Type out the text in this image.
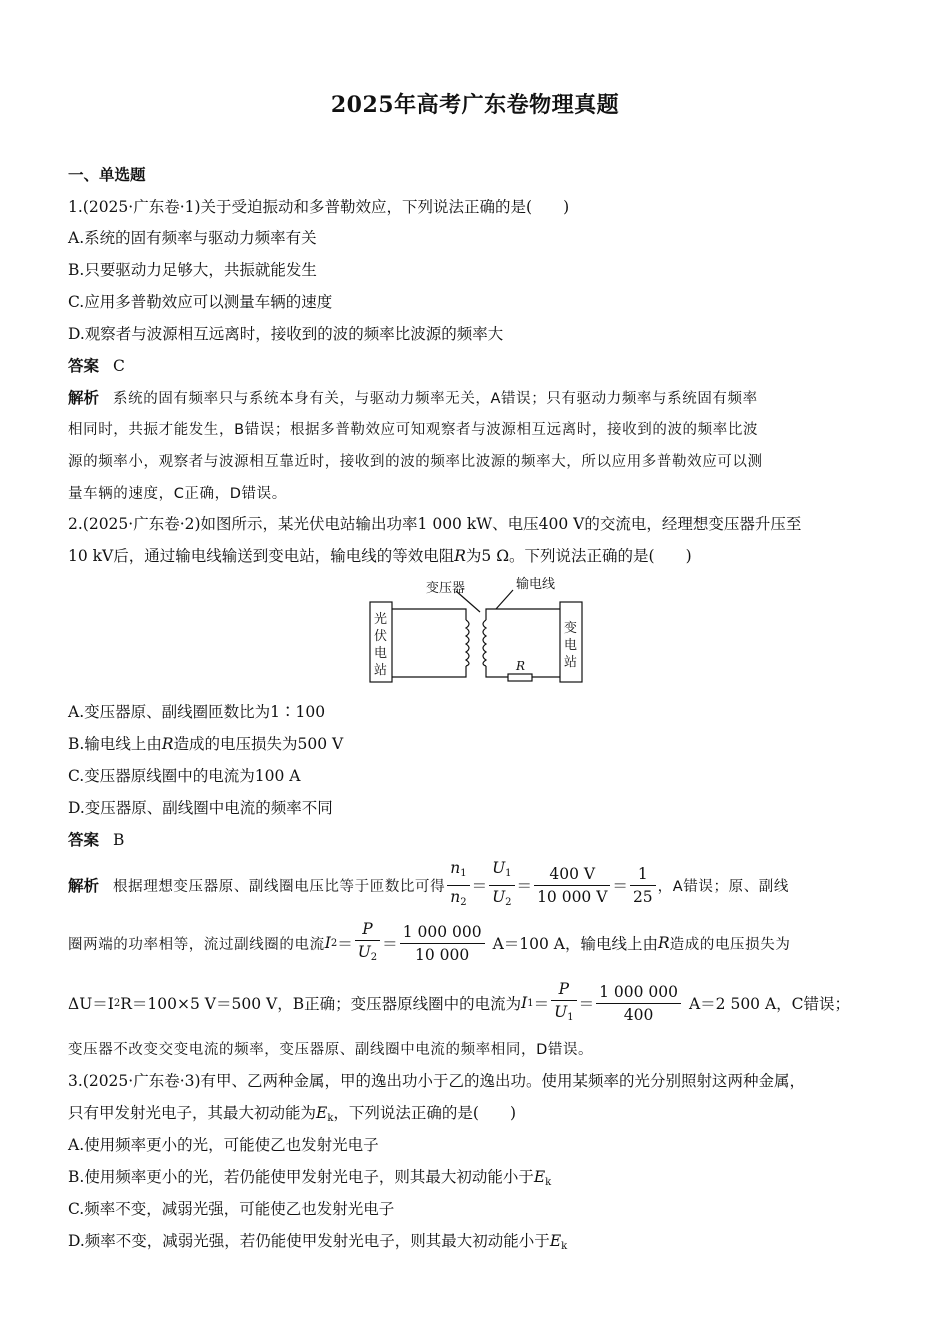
2025年高考广东卷物理真题
一、单选题
1.(2025·广东卷·1)关于受迫振动和多普勒效应，下列说法正确的是(　　)
A.系统的固有频率与驱动力频率有关
B.只要驱动力足够大，共振就能发生
C.应用多普勒效应可以测量车辆的速度
D.观察者与波源相互远离时，接收到的波的频率比波源的频率大
答案 C
解析 系统的固有频率只与系统本身有关，与驱动力频率无关，A错误；只有驱动力频率与系统固有频率
相同时，共振才能发生，B错误；根据多普勒效应可知观察者与波源相互远离时，接收到的波的频率比波
源的频率小，观察者与波源相互靠近时，接收到的波的频率比波源的频率大，所以应用多普勒效应可以测
量车辆的速度，C正确，D错误。
2.(2025·广东卷·2)如图所示，某光伏电站输出功率1 000 kW、电压400 V的交流电，经理想变压器升压至
10 kV后，通过输电线输送到变电站，输电线的等效电阻R为5 Ω。下列说法正确的是(　　)
变压器	输电线
光
伏
电
站
变
电
站
R
A.变压器原、副线圈匝数比为1∶100
B.输电线上由R造成的电压损失为500 V
C.变压器原线圈中的电流为100 A
D.变压器原、副线圈中电流的频率不同
答案 B
解析 根据理想变压器原、副线圈电压比等于匝数比可得 $\frac{n_1}{n_2} = \frac{U_1}{U_2} = \frac{400 V}{10 000 V} = \frac{1}{25}$ ，A错误；原、副线
圈两端的功率相等，流过副线圈的电流 I $2 = \frac{P}{U_2} = \frac{1 000 000}{10 000} A=100$ A，输电线上由 R 造成的电压损失为
ΔU＝I 2 R＝100×5 V＝500 V，B正确；变压器原线圈中的电流为 I $1 = \frac{P}{U_1} = \frac{1 000 000}{400} A=2$ 500 A，C错误；
变压器不改变交变电流的频率，变压器原、副线圈中电流的频率相同，D错误。
3.(2025·广东卷·3)有甲、乙两种金属，甲的逸出功小于乙的逸出功。使用某频率的光分别照射这两种金属，
只有甲发射光电子，其最大初动能为$E_k$，下列说法正确的是(　　)
A.使用频率更小的光，可能使乙也发射光电子
B.使用频率更小的光，若仍能使甲发射光电子，则其最大初动能小于$E_k$
C.频率不变，减弱光强，可能使乙也发射光电子
D.频率不变，减弱光强，若仍能使甲发射光电子，则其最大初动能小于$E_k$
